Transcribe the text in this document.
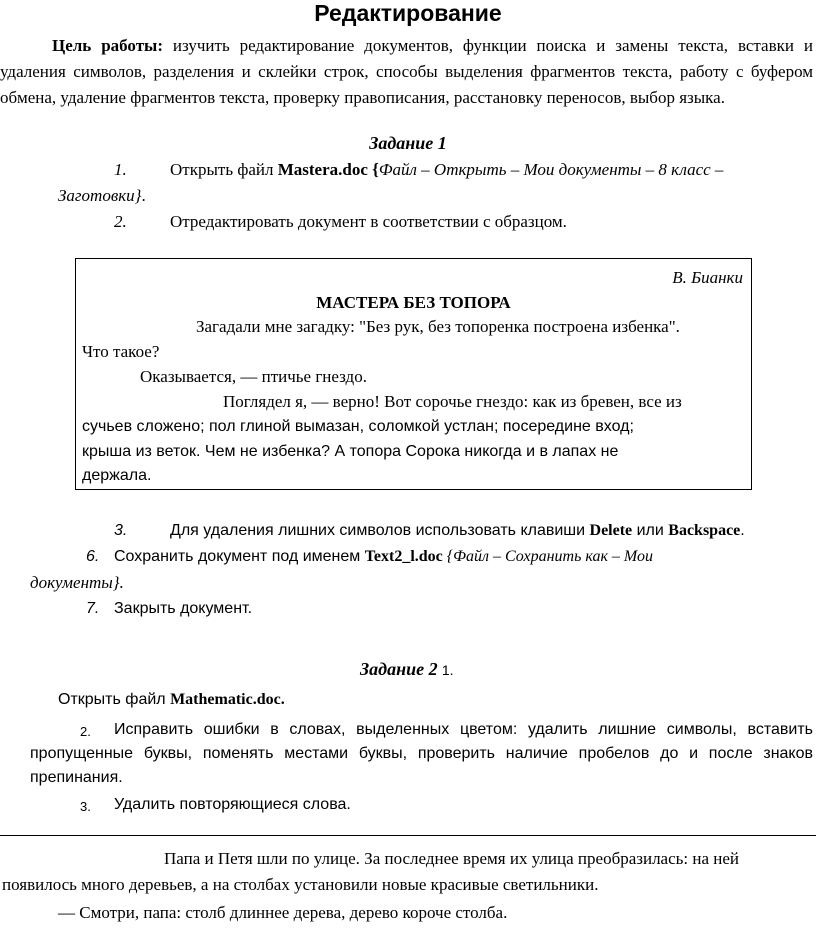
Редактирование
Цель работы: изучить редактирование документов, функции поиска и замены текста, вставки и удаления символов, разделения и склейки строк, способы выделения фрагментов текста, работу с буфером обмена, удаление фрагментов текста, проверку правописания, расстановку переносов, выбор языка.
Задание 1
1.	Открыть файл Mastera.doc {Файл – Открыть – Мои документы – 8 класс –
Заготовки}.
2.	Отредактировать документ в соответствии с образцом.
В. Бианки
МАСТЕРА БЕЗ ТОПОРА
Загадали мне загадку: "Без рук, без топоренка построена избенка".
Что такое?
Оказывается, — птичье гнездо.
Поглядел я, — верно! Вот сорочье гнездо: как из бревен, все из
сучьев сложено; пол глиной вымазан, соломкой устлан; посередине вход;
крыша из веток. Чем не избенка? А топора Сорока никогда и в лапах не
держала.
3.	Для удаления лишних символов использовать клавиши Delete или Backspace.
6. Сохранить документ под именем Text2_l.doc {Файл – Сохранить как – Мои
документы}.
7. Закрыть документ.
Задание 2 1.
Открыть файл Mathematic.doc.
2.	Исправить ошибки в словах, выделенных цветом: удалить лишние символы, вставить пропущенные буквы, поменять местами буквы, проверить наличие пробелов до и после знаков препинания.
3. Удалить повторяющиеся слова.
Папа и Петя шли по улице. За последнее время их улица преобразилась: на ней
появилось много деревьев, а на столбах установили новые красивые светильники.
— Смотри, папа: столб длиннее дерева, дерево короче столба.
